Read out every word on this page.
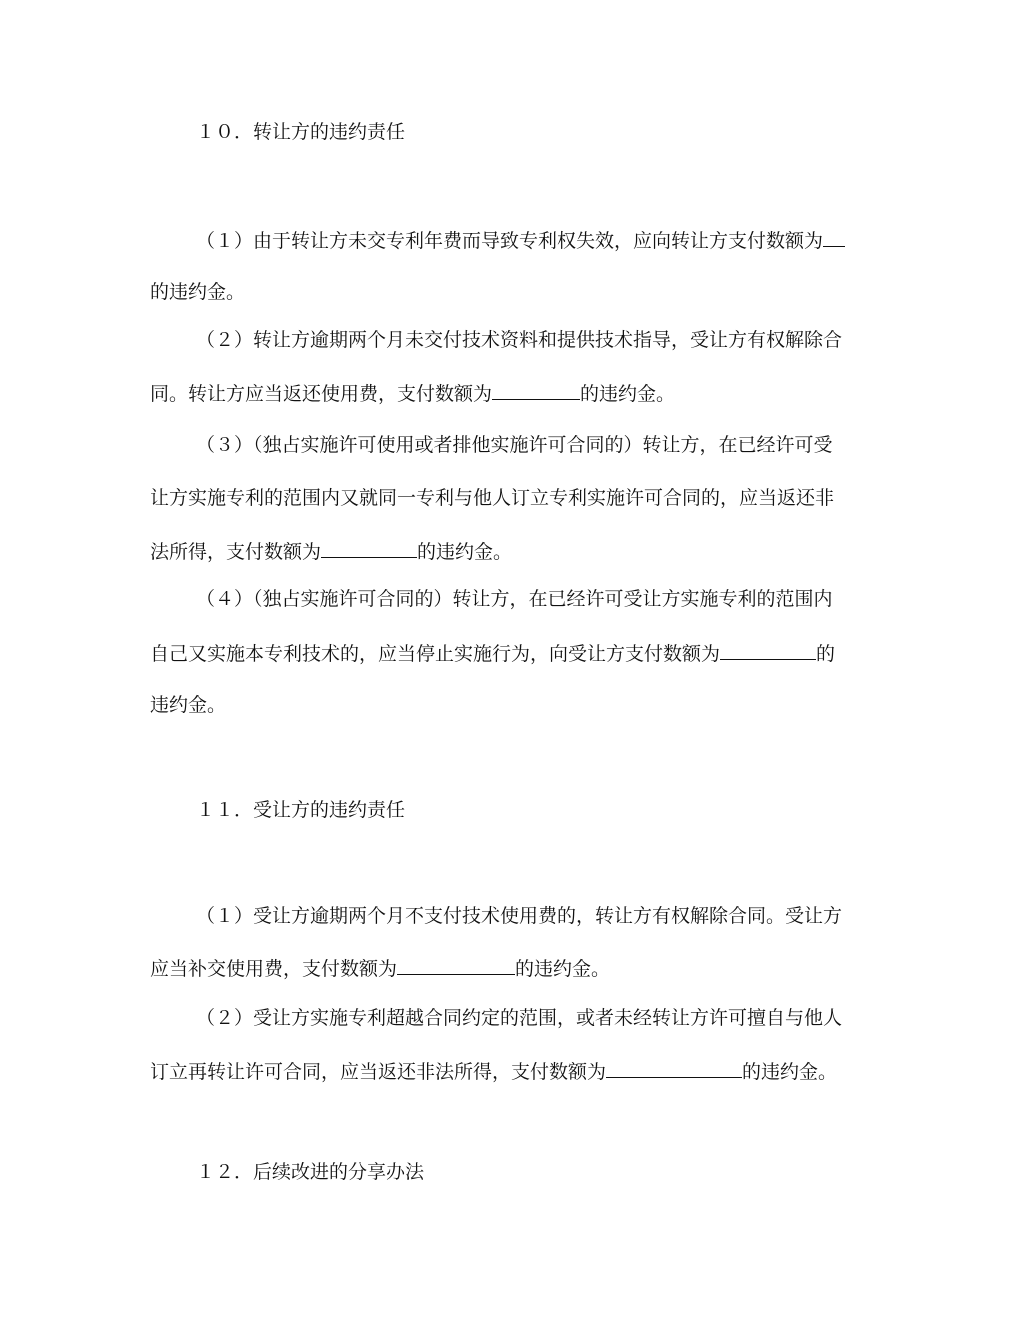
１０．转让方的违约责任
（１）由于转让方未交专利年费而导致专利权失效，应向转让方支付数额为
的违约金。
（２）转让方逾期两个月未交付技术资料和提供技术指导，受让方有权解除合
同。转让方应当返还使用费，支付数额为	的违约金。
（３）（独占实施许可使用或者排他实施许可合同的）转让方，在已经许可受
让方实施专利的范围内又就同一专利与他人订立专利实施许可合同的，应当返还非
法所得，支付数额为	的违约金。
（４）（独占实施许可合同的）转让方，在已经许可受让方实施专利的范围内
自己又实施本专利技术的，应当停止实施行为，向受让方支付数额为	的
违约金。
１１．受让方的违约责任
（１）受让方逾期两个月不支付技术使用费的，转让方有权解除合同。受让方
应当补交使用费，支付数额为	的违约金。
（２）受让方实施专利超越合同约定的范围，或者未经转让方许可擅自与他人
订立再转让许可合同，应当返还非法所得，支付数额为	的违约金。
１２．后续改进的分享办法
